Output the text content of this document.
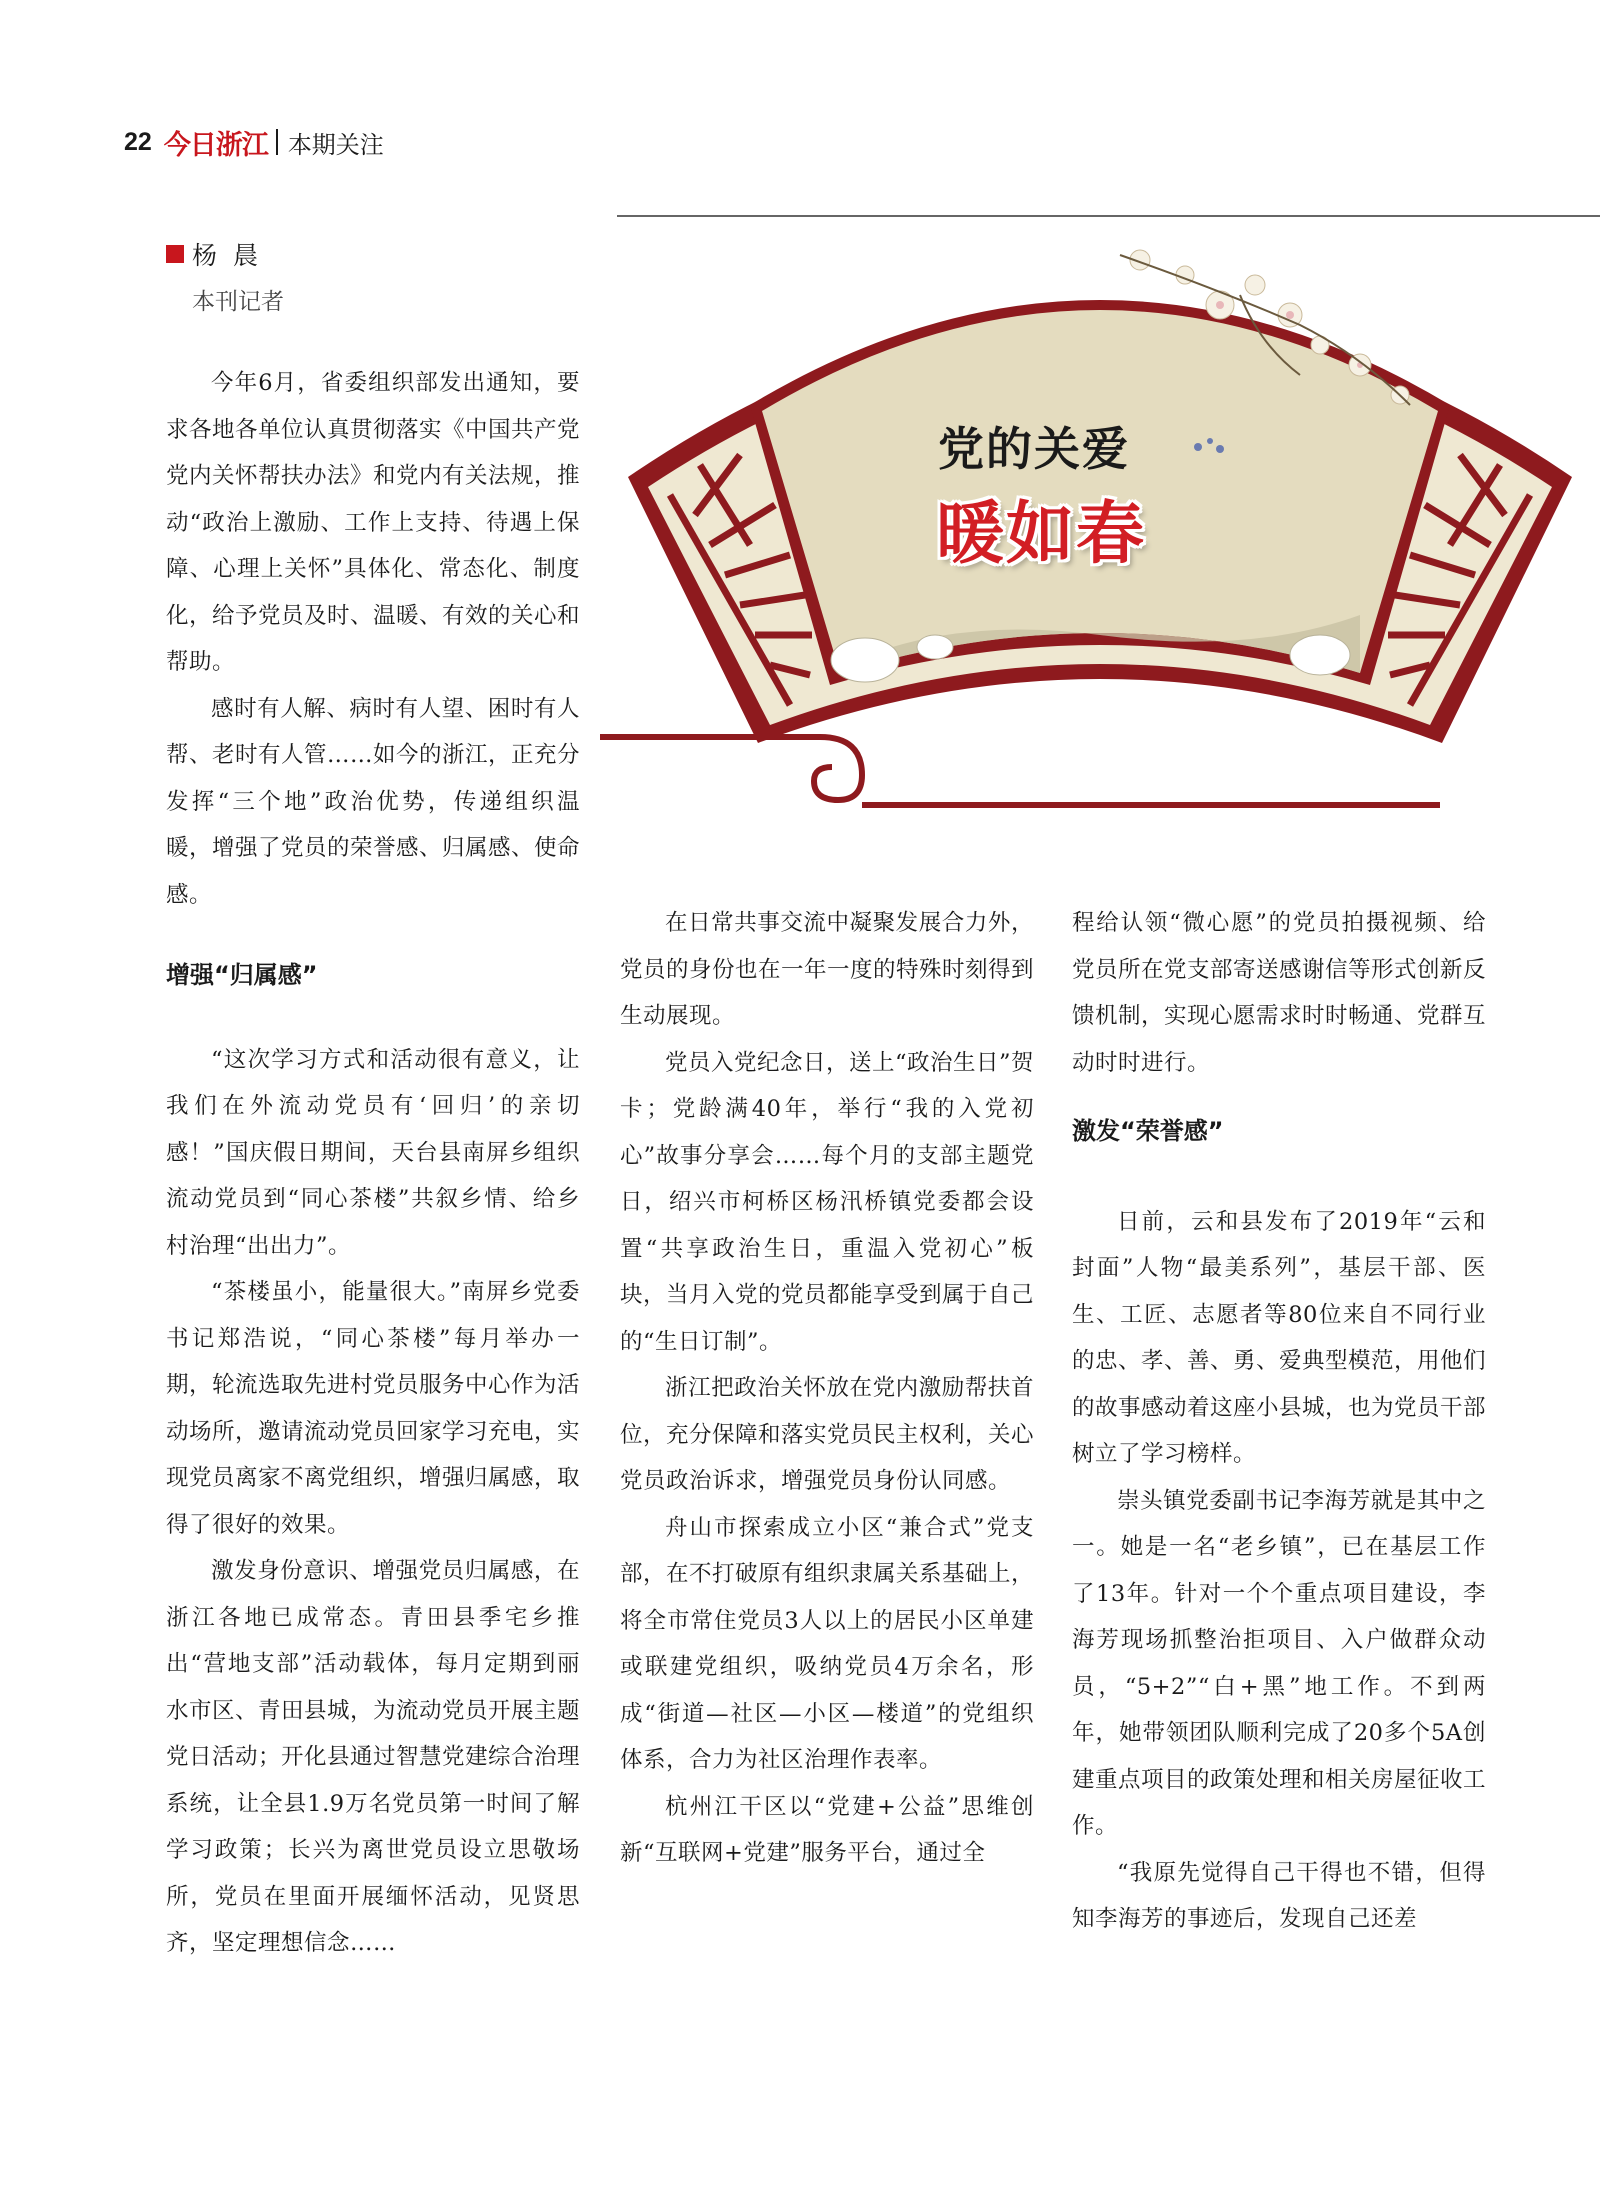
22 今日浙江 本期关注
杨晨
本刊记者
党的关爱
暖如春

今年6月，省委组织部发出通知，要求各地各单位认真贯彻落实《中国共产党党内关怀帮扶办法》和党内有关法规，推动“政治上激励、工作上支持、待遇上保障、心理上关怀”具体化、常态化、制度化，给予党员及时、温暖、有效的关心和帮助。

感时有人解、病时有人望、困时有人帮、老时有人管……如今的浙江，正充分发挥“三个地”政治优势，传递组织温暖，增强了党员的荣誉感、归属感、使命感。

增强“归属感”

“这次学习方式和活动很有意义，让我们在外流动党员有‘回归’的亲切感！”国庆假日期间，天台县南屏乡组织流动党员到“同心茶楼”共叙乡情、给乡村治理“出出力”。

“茶楼虽小，能量很大。”南屏乡党委书记郑浩说，“同心茶楼”每月举办一期，轮流选取先进村党员服务中心作为活动场所，邀请流动党员回家学习充电，实现党员离家不离党组织，增强归属感，取得了很好的效果。

激发身份意识、增强党员归属感，在浙江各地已成常态。青田县季宅乡推出“营地支部”活动载体，每月定期到丽水市区、青田县城，为流动党员开展主题党日活动；开化县通过智慧党建综合治理系统，让全县1.9万名党员第一时间了解学习政策；长兴为离世党员设立思敬场所，党员在里面开展缅怀活动，见贤思齐，坚定理想信念……

在日常共事交流中凝聚发展合力外，党员的身份也在一年一度的特殊时刻得到生动展现。

党员入党纪念日，送上“政治生日”贺卡；党龄满40年，举行“我的入党初心”故事分享会……每个月的支部主题党日，绍兴市柯桥区杨汛桥镇党委都会设置“共享政治生日，重温入党初心”板块，当月入党的党员都能享受到属于自己的“生日订制”。

浙江把政治关怀放在党内激励帮扶首位，充分保障和落实党员民主权利，关心党员政治诉求，增强党员身份认同感。

舟山市探索成立小区“兼合式”党支部，在不打破原有组织隶属关系基础上，将全市常住党员3人以上的居民小区单建或联建党组织，吸纳党员4万余名，形成“街道—社区—小区—楼道”的党组织体系，合力为社区治理作表率。

杭州江干区以“党建+公益”思维创新“互联网+党建”服务平台，通过全

程给认领“微心愿”的党员拍摄视频、给党员所在党支部寄送感谢信等形式创新反馈机制，实现心愿需求时时畅通、党群互动时时进行。

激发“荣誉感”

日前，云和县发布了2019年“云和封面”人物“最美系列”，基层干部、医生、工匠、志愿者等80位来自不同行业的忠、孝、善、勇、爱典型模范，用他们的故事感动着这座小县城，也为党员干部树立了学习榜样。

崇头镇党委副书记李海芳就是其中之一。她是一名“老乡镇”，已在基层工作了13年。针对一个个重点项目建设，李海芳现场抓整治拒项目、入户做群众动员，“5+2”“白+黑”地工作。不到两年，她带领团队顺利完成了20多个5A创建重点项目的政策处理和相关房屋征收工作。

“我原先觉得自己干得也不错，但得知李海芳的事迹后，发现自己还差
